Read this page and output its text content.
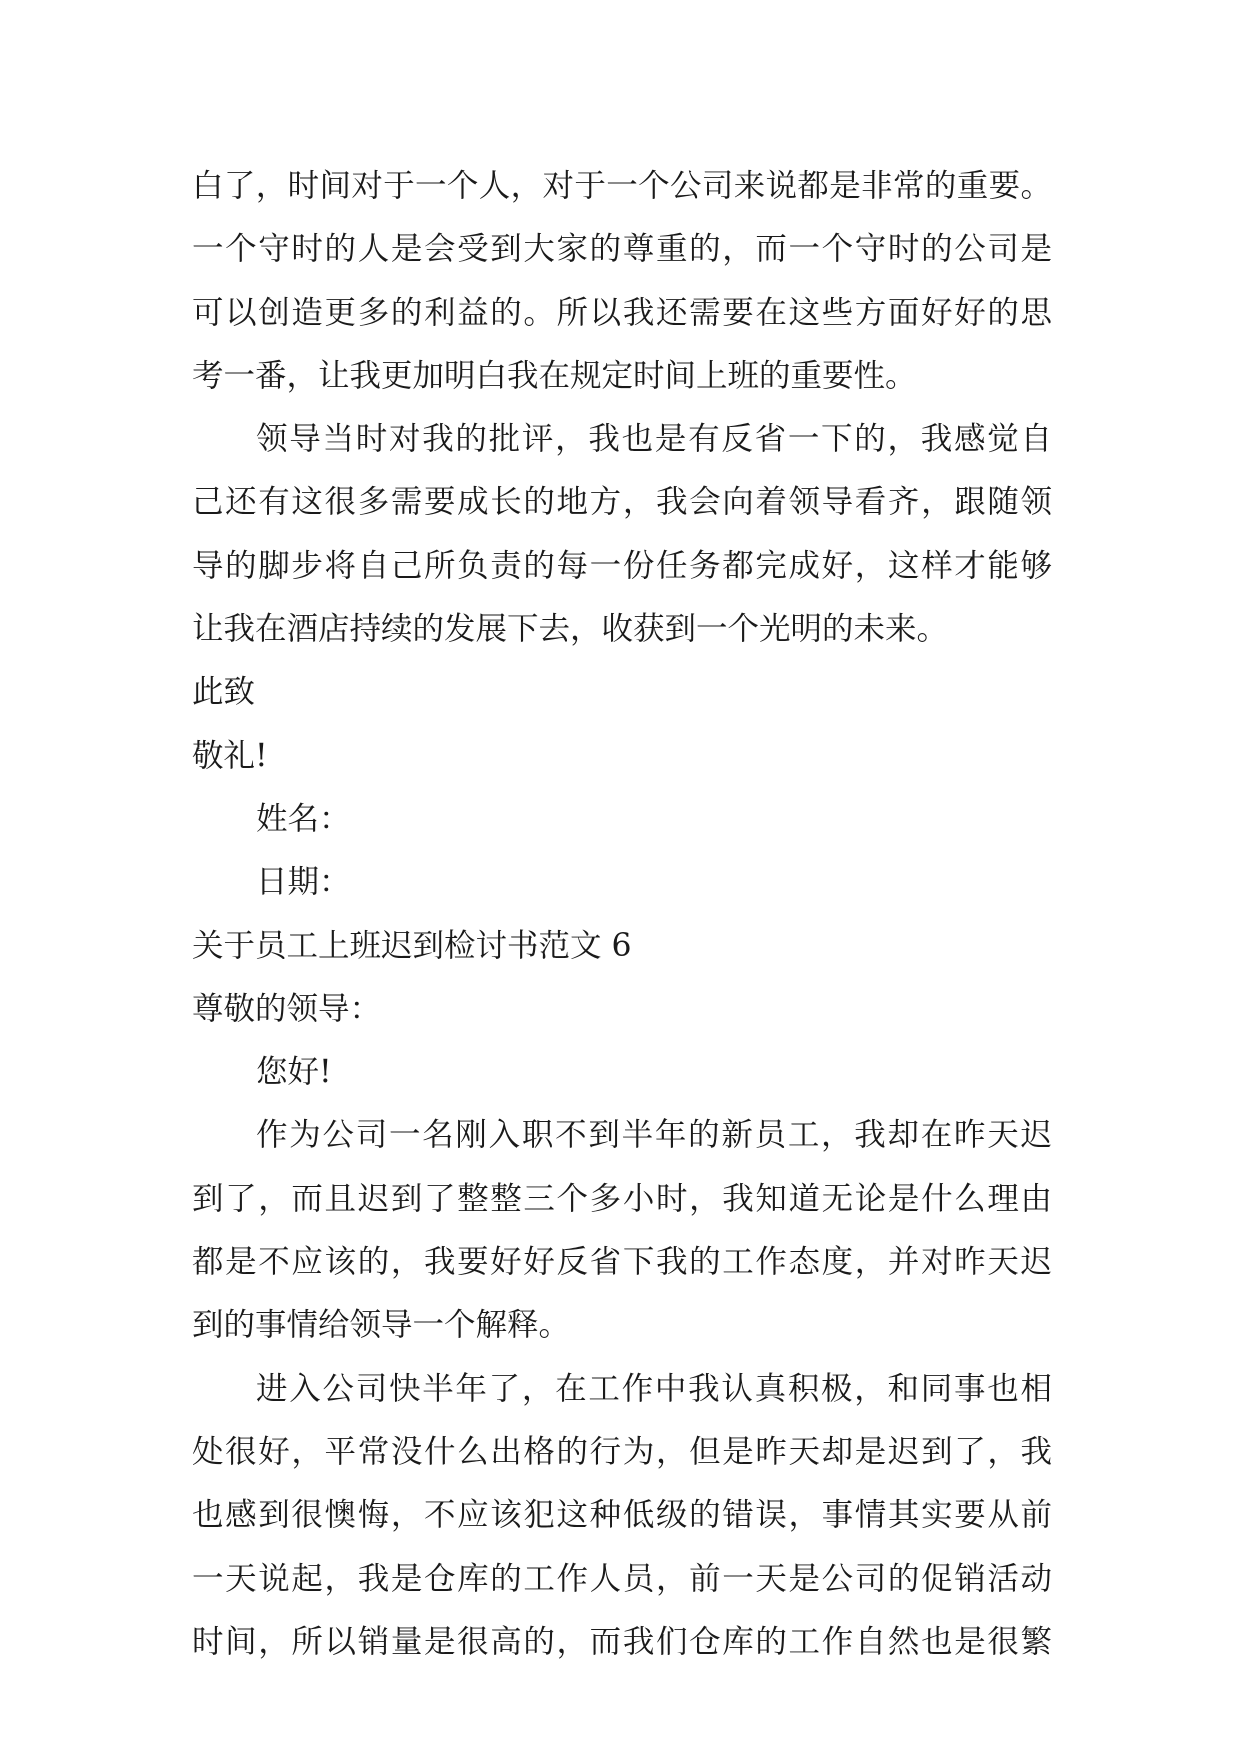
白了，时间对于一个人，对于一个公司来说都是非常的重要。
一个守时的人是会受到大家的尊重的，而一个守时的公司是
可以创造更多的利益的。所以我还需要在这些方面好好的思
考一番，让我更加明白我在规定时间上班的重要性。
领导当时对我的批评，我也是有反省一下的，我感觉自
己还有这很多需要成长的地方，我会向着领导看齐，跟随领
导的脚步将自己所负责的每一份任务都完成好，这样才能够
让我在酒店持续的发展下去，收获到一个光明的未来。
此致
敬礼!
姓名：
日期：
关于员工上班迟到检讨书范文 6
尊敬的领导：
您好!
作为公司一名刚入职不到半年的新员工，我却在昨天迟
到了，而且迟到了整整三个多小时，我知道无论是什么理由
都是不应该的，我要好好反省下我的工作态度，并对昨天迟
到的事情给领导一个解释。
进入公司快半年了，在工作中我认真积极，和同事也相
处很好，平常没什么出格的行为，但是昨天却是迟到了，我
也感到很懊悔，不应该犯这种低级的错误，事情其实要从前
一天说起，我是仓库的工作人员，前一天是公司的促销活动
时间，所以销量是很高的，而我们仓库的工作自然也是很繁
